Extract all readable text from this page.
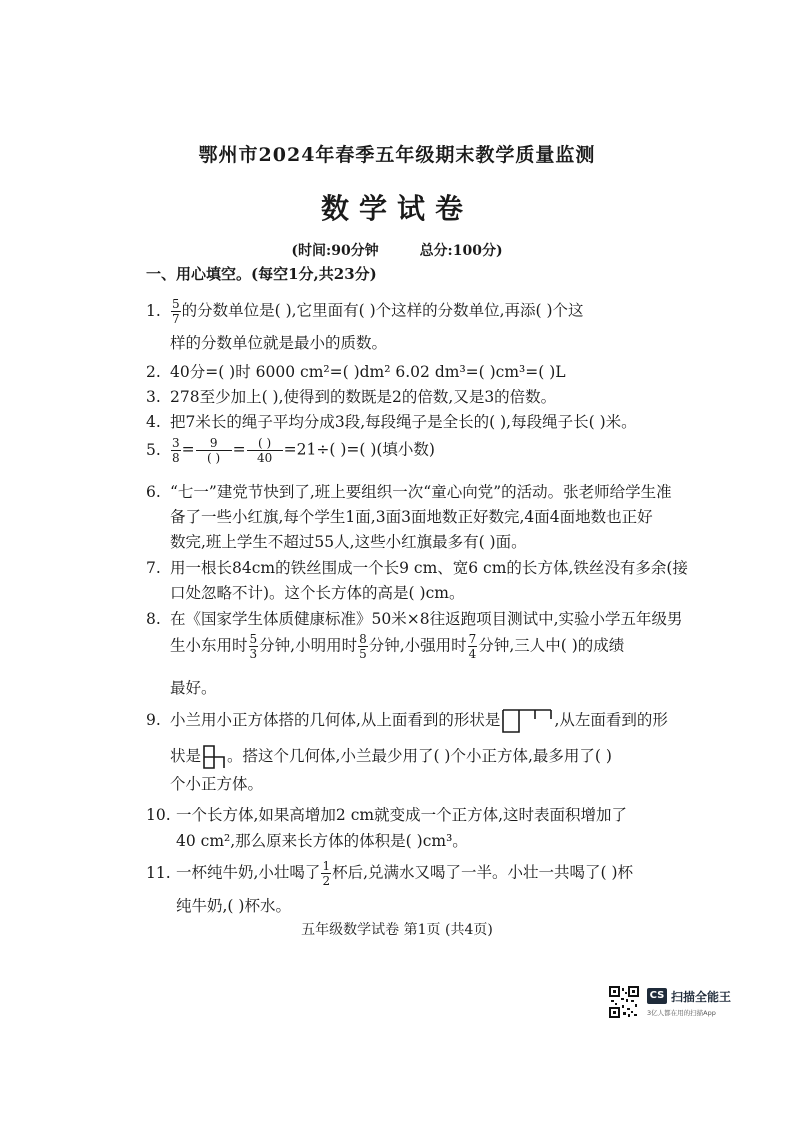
鄂州市2024年春季五年级期末教学质量监测
数学试卷
(时间:90分钟	总分:100分)
一、用心填空。(每空1分,共23分)
1. $\frac{5}{7}$ 的分数单位是( ),它里面有( )个这样的分数单位,再添( )个这
样的分数单位就是最小的质数。
2. 40分=( )时 6000 cm²=( )dm² 6.02 dm³=( )cm³=( )L
3. 278至少加上( ),使得到的数既是2的倍数,又是3的倍数。
4. 把7米长的绳子平均分成3段,每段绳子是全长的( ),每段绳子长( )米。
5. $\frac{3}{8} = \frac{9}{( )} = \frac{( )}{40} =21\div$( )=( )(填小数)
6. “七一”建党节快到了,班上要组织一次“童心向党”的活动。张老师给学生准
备了一些小红旗,每个学生1面,3面3面地数正好数完,4面4面地数也正好
数完,班上学生不超过55人,这些小红旗最多有( )面。
7. 用一根长84cm的铁丝围成一个长9 cm、宽6 cm的长方体,铁丝没有多余(接
口处忽略不计)。这个长方体的高是( )cm。
8. 在《国家学生体质健康标准》50米×8往返跑项目测试中,实验小学五年级男
生小东用时 $\frac{5}{3}$ 分钟,小明用时 $\frac{8}{5}$ 分钟,小强用时 $\frac{7}{4}$ 分钟,三人中( )的成绩
最好。
9. 小兰用小正方体搭的几何体,从上面看到的形状是	,从左面看到的形
状是 。搭这个几何体,小兰最少用了( )个小正方体,最多用了( )
个小正方体。
10. 一个长方体,如果高增加2 cm就变成一个正方体,这时表面积增加了
40 cm²,那么原来长方体的体积是( )cm³。
11. 一杯纯牛奶,小壮喝了 $\frac{1}{2}$ 杯后,兑满水又喝了一半。小壮一共喝了( )杯
纯牛奶,( )杯水。
五年级数学试卷 第1页 (共4页)
CS 扫描全能王
3亿人都在用的扫描App
